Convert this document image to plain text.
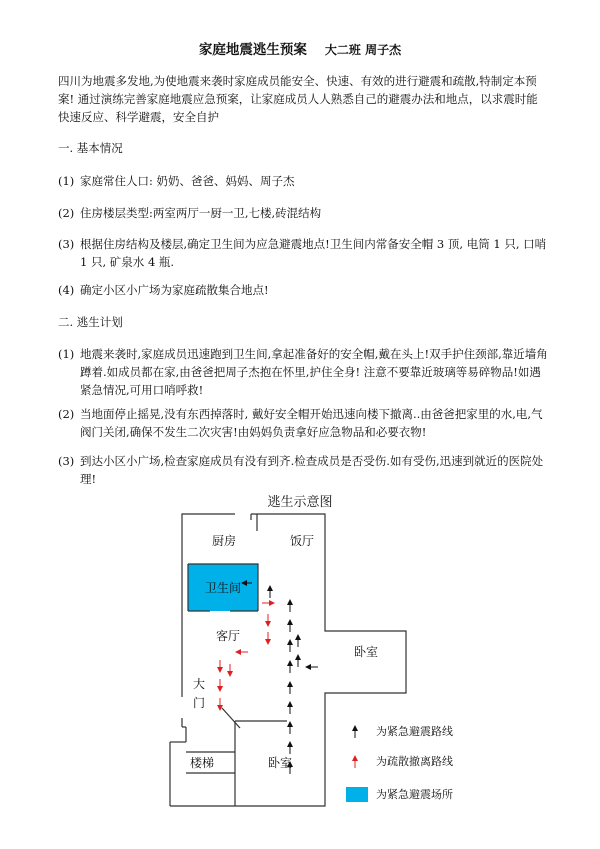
家庭地震逃生预案 大二班 周子杰
四川为地震多发地,为使地震来袭时家庭成员能安全、快速、有效的进行避震和疏散,特制定本预案! 通过演练完善家庭地震应急预案，让家庭成员人人熟悉自己的避震办法和地点，以求震时能快速反应、科学避震，安全自护
一. 基本情况
(1) 家庭常住人口: 奶奶、爸爸、妈妈、周子杰
(2) 住房楼层类型:两室两厅一厨一卫,七楼,砖混结构
(3) 根据住房结构及楼层,确定卫生间为应急避震地点!卫生间内常备安全帽 3 顶, 电筒 1 只, 口哨 1 只, 矿泉水 4 瓶.
(4) 确定小区小广场为家庭疏散集合地点!
二. 逃生计划
(1) 地震来袭时,家庭成员迅速跑到卫生间,拿起准备好的安全帽,戴在头上!双手护住颈部,靠近墙角蹲着.如成员都在家,由爸爸把周子杰抱在怀里,护住全身! 注意不要靠近玻璃等易碎物品!如遇紧急情况,可用口哨呼救!
(2) 当地面停止摇晃,没有东西掉落时, 戴好安全帽开始迅速向楼下撤离..由爸爸把家里的水,电,气阀门关闭,确保不发生二次灾害!由妈妈负责拿好应急物品和必要衣物!
(3) 到达小区小广场,检查家庭成员有没有到齐.检查成员是否受伤.如有受伤,迅速到就近的医院处理!
逃生示意图
厨房	饭厅
卫生间
客厅
卧室
楼梯	卧室
大门
为紧急避震路线
为疏散撤离路线
为紧急避震场所
